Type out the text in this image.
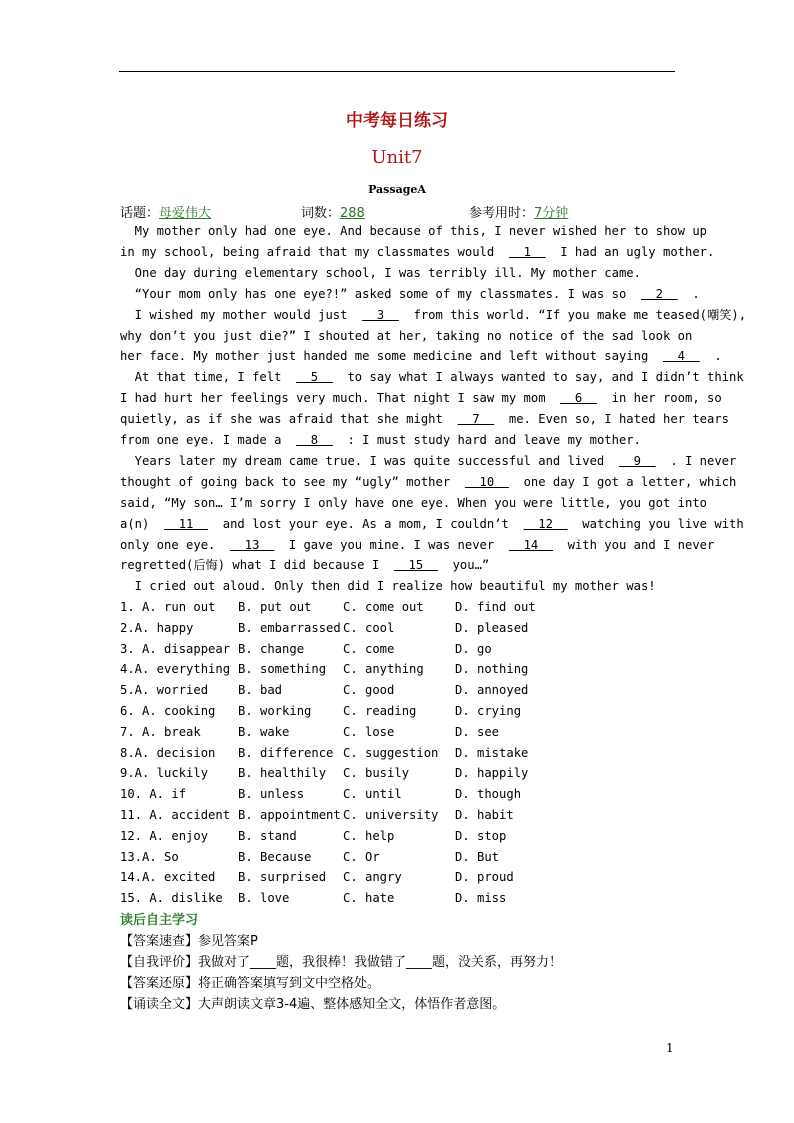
中考每日练习
Unit7
PassageA
话题：母爱伟大	词数：288	参考用时：7分钟
My mother only had one eye. And because of this, I never wished her to show up
in my school, being afraid that my classmates would    1    I had an ugly mother.
One day during elementary school, I was terribly ill. My mother came.
“Your mom only has one eye?!” asked some of my classmates. I was so    2    .
I wished my mother would just    3    from this world. “If you make me teased(嘲笑),
why don’t you just die?” I shouted at her, taking no notice of the sad look on
her face. My mother just handed me some medicine and left without saying    4    .
At that time, I felt    5    to say what I always wanted to say, and I didn’t think
I had hurt her feelings very much. That night I saw my mom    6    in her room, so
quietly, as if she was afraid that she might    7    me. Even so, I hated her tears
from one eye. I made a    8    : I must study hard and leave my mother.
Years later my dream came true. I was quite successful and lived    9    . I never
thought of going back to see my “ugly” mother    10    one day I got a letter, which
said, “My son… I’m sorry I only have one eye. When you were little, you got into
a(n)    11    and lost your eye. As a mom, I couldn’t    12    watching you live with
only one eye.    13    I gave you mine. I was never    14    with you and I never
regretted(后悔) what I did because I    15    you…”
I cried out aloud. Only then did I realize how beautiful my mother was!
1. A. run out B. put out	C. come out	D. find out
2.A. happy	B. embarrassed C. cool	D. pleased
3. A. disappear B. change	C. come	D. go
4.A. everything B. something C. anything	D. nothing
5.A. worried B. bad	C. good	D. annoyed
6. A. cooking B. working	C. reading	D. crying
7. A. break	B. wake	C. lose	D. see
8.A. decision B. difference C. suggestion D. mistake
9.A. luckily B. healthily C. busily	D. happily
10. A. if	B. unless	C. until	D. though
11. A. accident B. appointment C. university D. habit
12. A. enjoy B. stand	C. help	D. stop
13.A. So	B. Because	C. Or	D. But
14.A. excited B. surprised C. angry	D. proud
15. A. dislike B. love	C. hate	D. miss
读后自主学习
【答案速查】参见答案P
【自我评价】我做对了____题，我很棒！我做错了____题，没关系，再努力！
【答案还原】将正确答案填写到文中空格处。
【诵读全文】大声朗读文章3-4遍、整体感知全文，体悟作者意图。
1
